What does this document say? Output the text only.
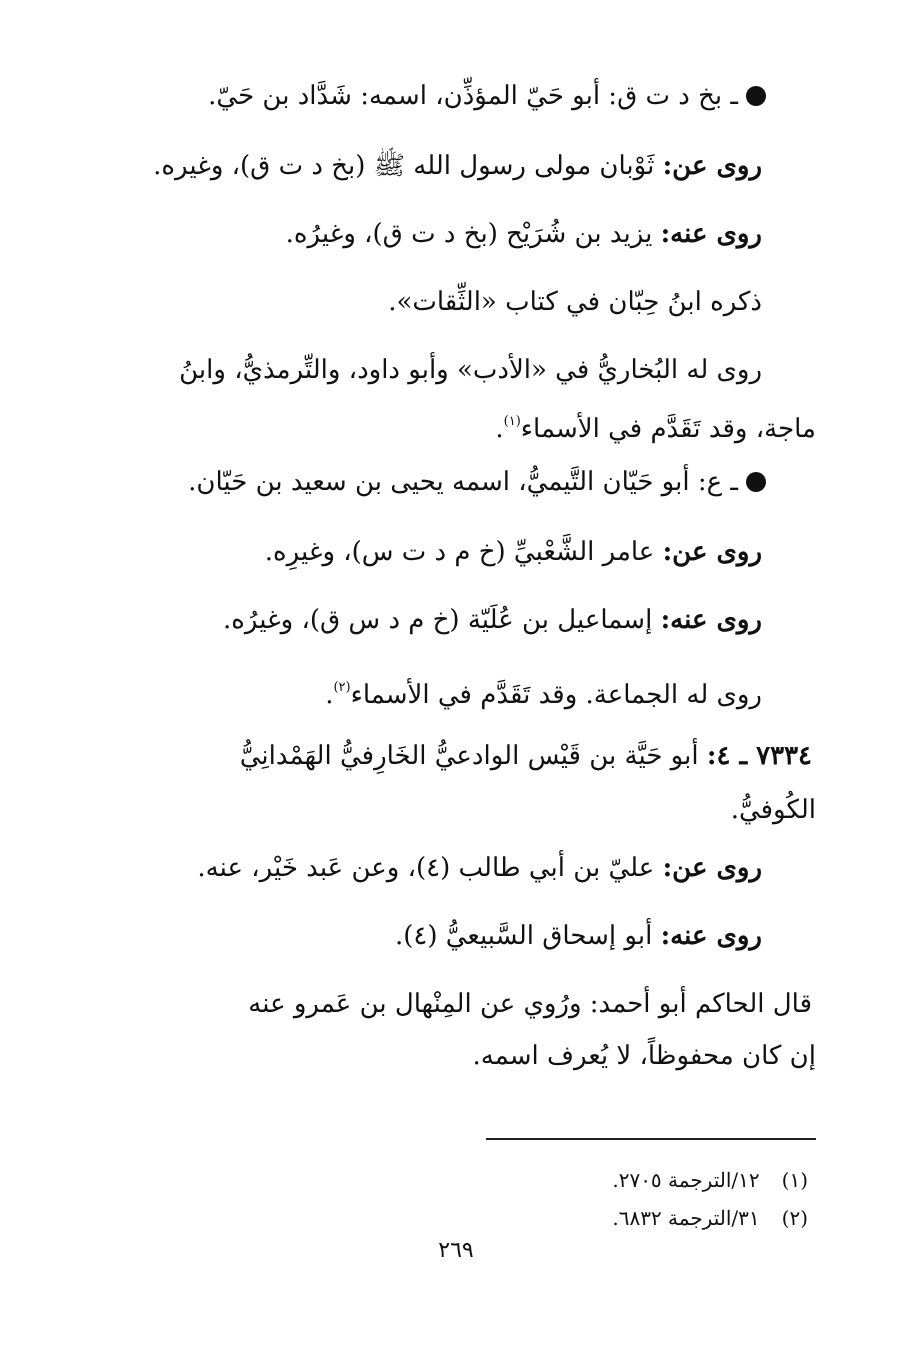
ـ بخ د ت ق: أبو حَيّ المؤذِّن، اسمه: شَدَّاد بن حَيّ.
روى عن: ثَوْبان مولى رسول الله ﷺ (بخ د ت ق)، وغيره.
روى عنه: يزيد بن شُرَيْح (بخ د ت ق)، وغيرُه.
ذكره ابنُ حِبّان في كتاب «الثِّقات».
روى له البُخاريُّ في «الأدب» وأبو داود، والتِّرمذيُّ، وابنُ
ماجة، وقد تَقَدَّم في الأسماء$^{(١)}$.
ـ ع: أبو حَيّان التَّيميُّ، اسمه يحيى بن سعيد بن حَيّان.
روى عن: عامر الشَّعْبيِّ (خ م د ت س)، وغيرِه.
روى عنه: إسماعيل بن عُلَيّة (خ م د س ق)، وغيرُه.
روى له الجماعة. وقد تَقَدَّم في الأسماء$^{(٢)}$.
٧٣٣٤ ـ ٤: أبو حَيَّة بن قَيْس الوادعيُّ الخَارِفيُّ الهَمْدانِيُّ
الكُوفيُّ.
روى عن: عليّ بن أبي طالب (٤)، وعن عَبد خَيْر، عنه.
روى عنه: أبو إسحاق السَّبيعيُّ (٤).
قال الحاكم أبو أحمد: ورُوي عن المِنْهال بن عَمرو عنه
إن كان محفوظاً، لا يُعرف اسمه.
(١)١٢/الترجمة ٢٧٠٥.
(٢)٣١/الترجمة ٦٨٣٢.
٢٦٩
